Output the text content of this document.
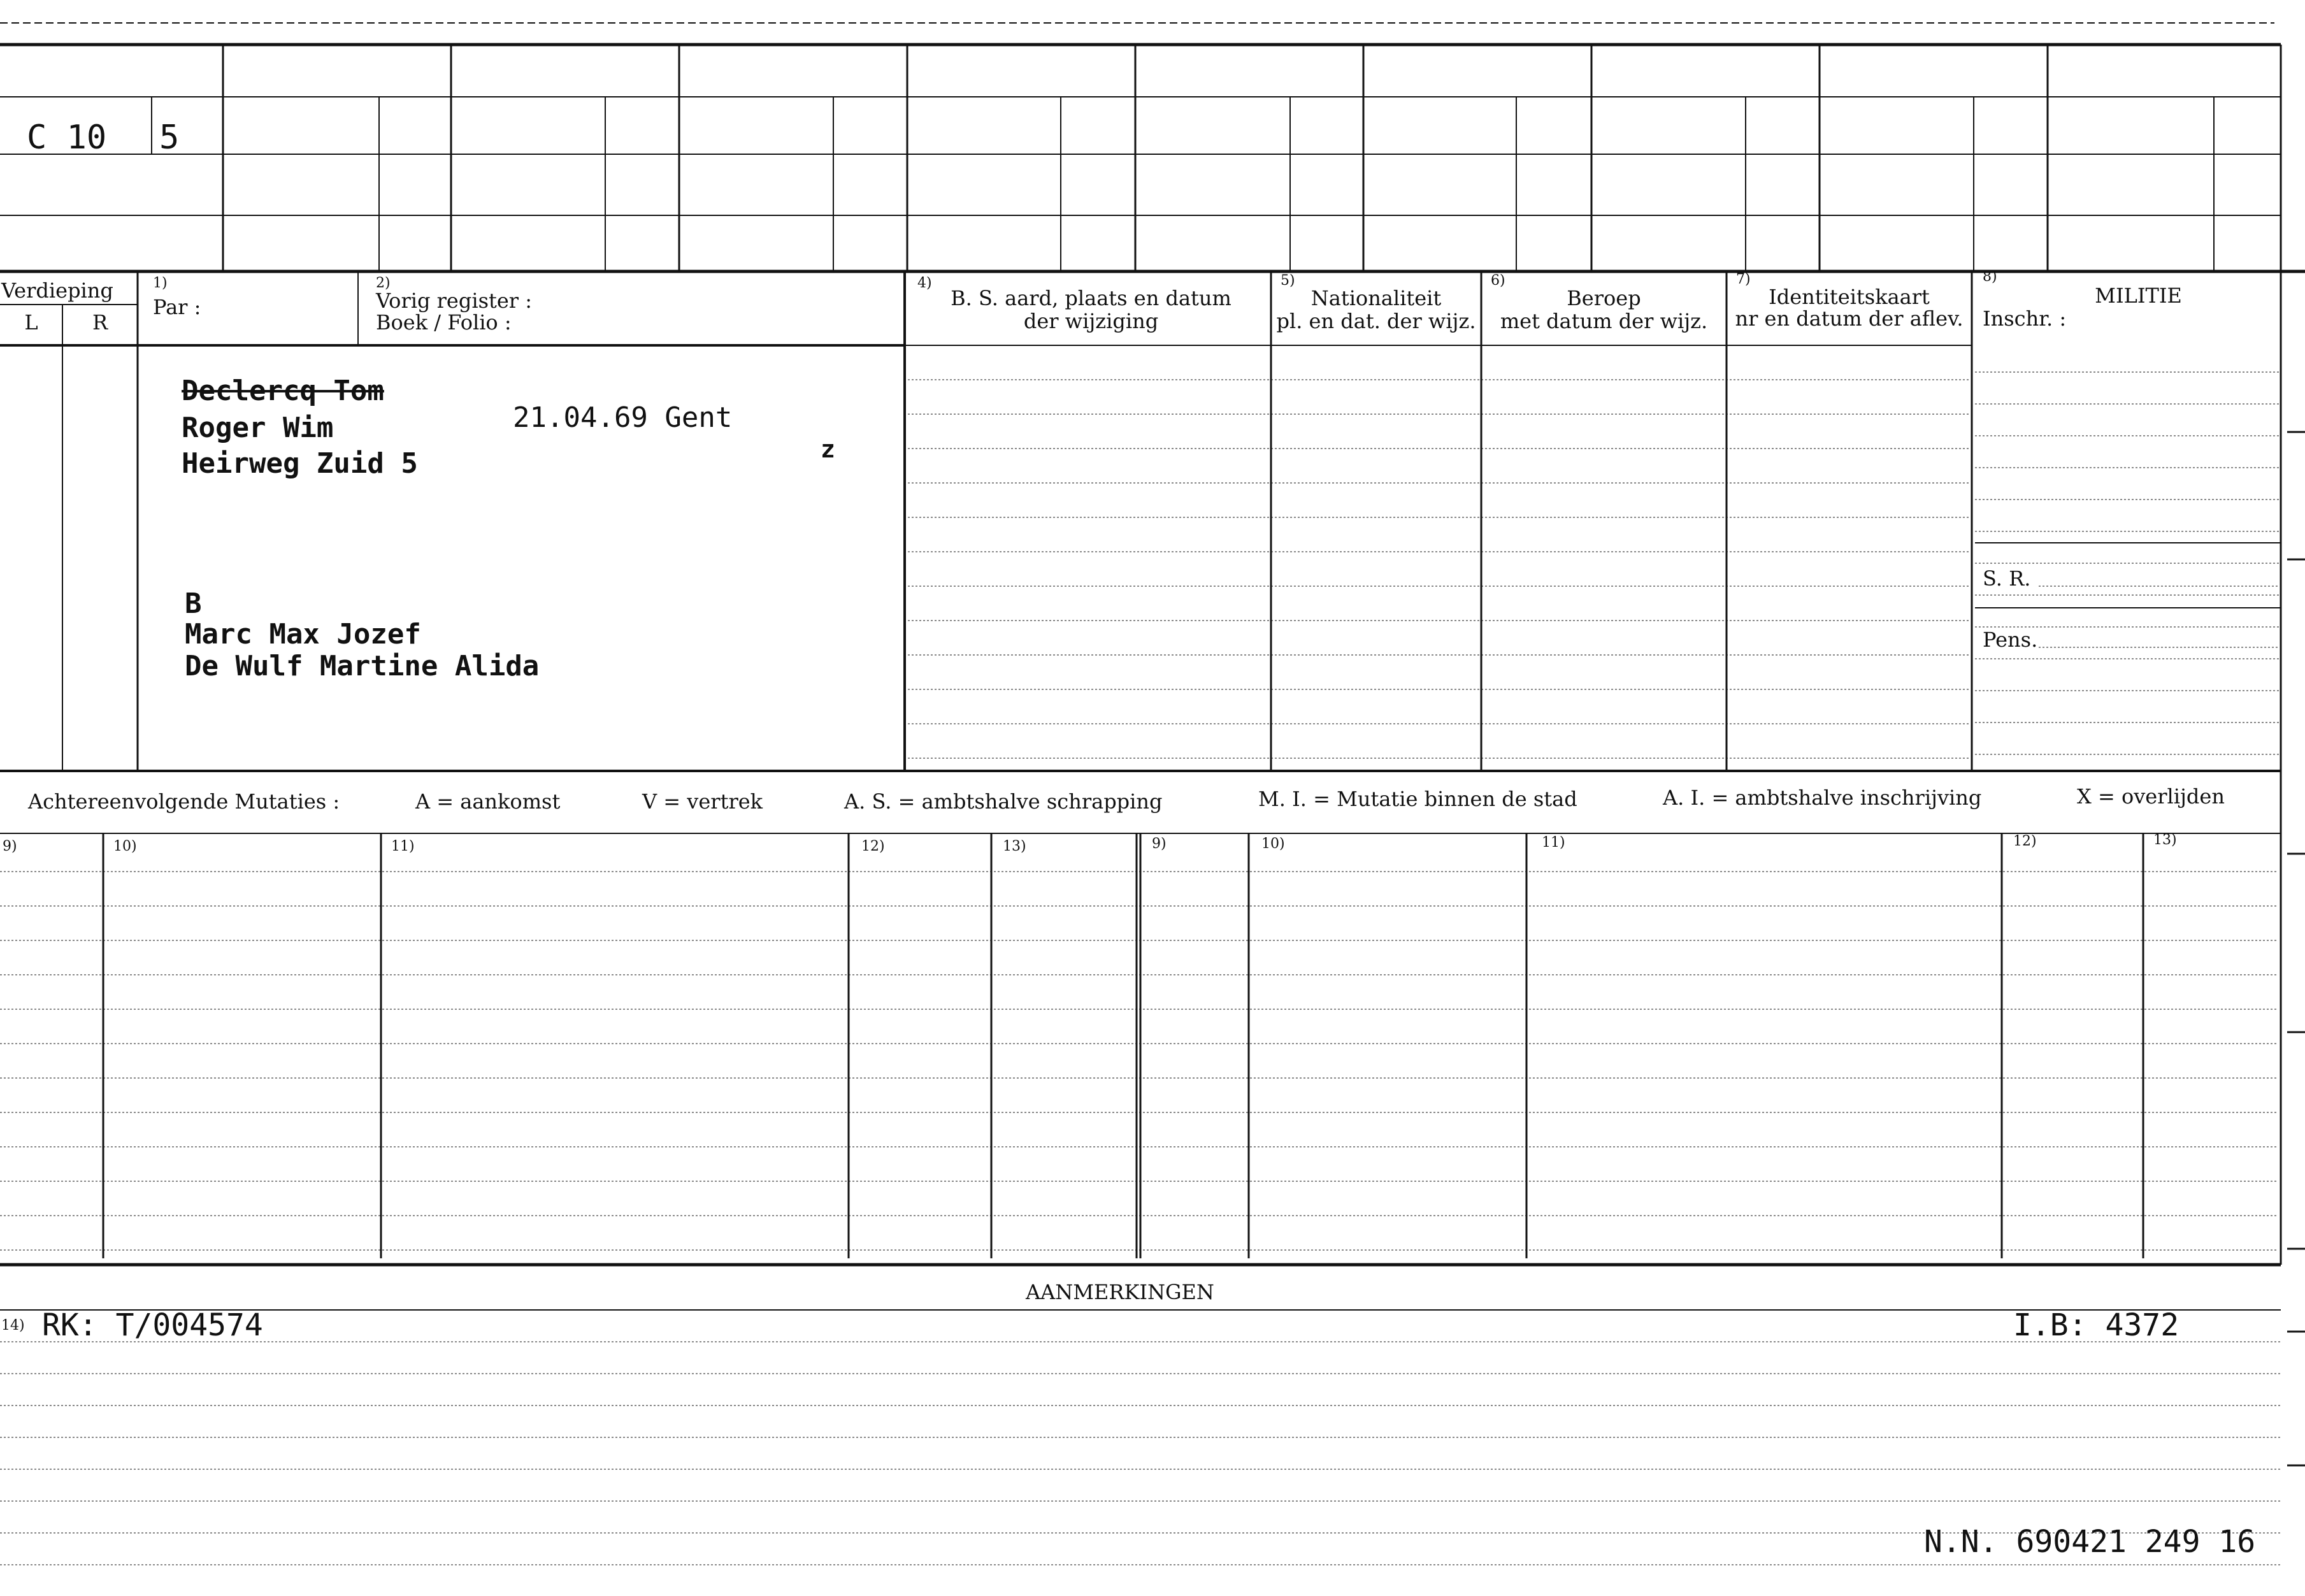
C 10 5
Verdieping
L	R
1)
Par :
2)
Vorig register :
Boek / Folio :
4)
B. S. aard, plaats en datum
der wijziging
5)
Nationaliteit
pl. en dat. der wijz.
6)
Beroep
met datum der wijz.
7)
Identiteitskaart
nr en datum der aflev.
8)
MILITIE
Inschr. :
S. R.
Pens.
Declercq Tom
Roger Wim
Heirweg Zuid 5
21.04.69 Gent
z
B
Marc Max Jozef
De Wulf Martine Alida
Achtereenvolgende Mutaties :	A = aankomst	V = vertrek	A. S. = ambtshalve schrapping	M. I. = Mutatie binnen de stad	A. I. = ambtshalve inschrijving	X = overlijden
9)	10)	11)	12)	13)	9)	10)	11)	12)	13)
AANMERKINGEN
14) RK: T/004574	I.B: 4372
N.N. 690421 249 16
